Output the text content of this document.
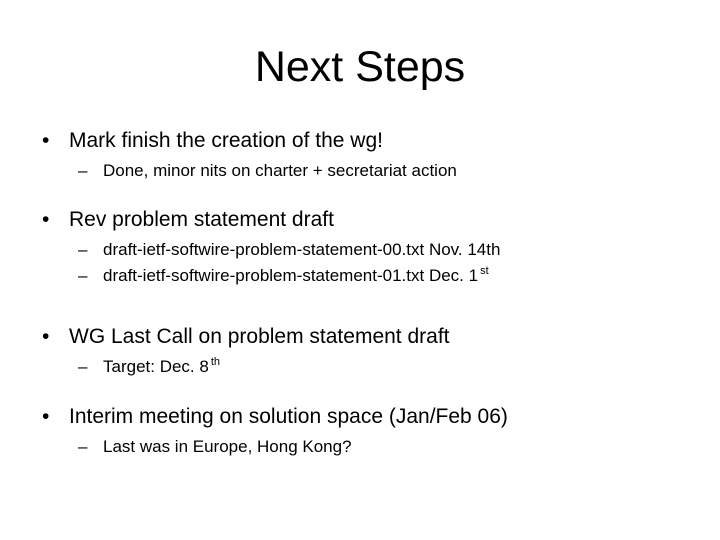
Next Steps
• Mark finish the creation of the wg!
– Done, minor nits on charter + secretariat action
• Rev problem statement draft
– draft-ietf-softwire-problem-statement-00.txt Nov. 14th
– draft-ietf-softwire-problem-statement-01.txt Dec. 1 $^{st}$
• WG Last Call on problem statement draft
– Target: Dec. 8 $^{th}$
• Interim meeting on solution space (Jan/Feb 06)
– Last was in Europe, Hong Kong?
